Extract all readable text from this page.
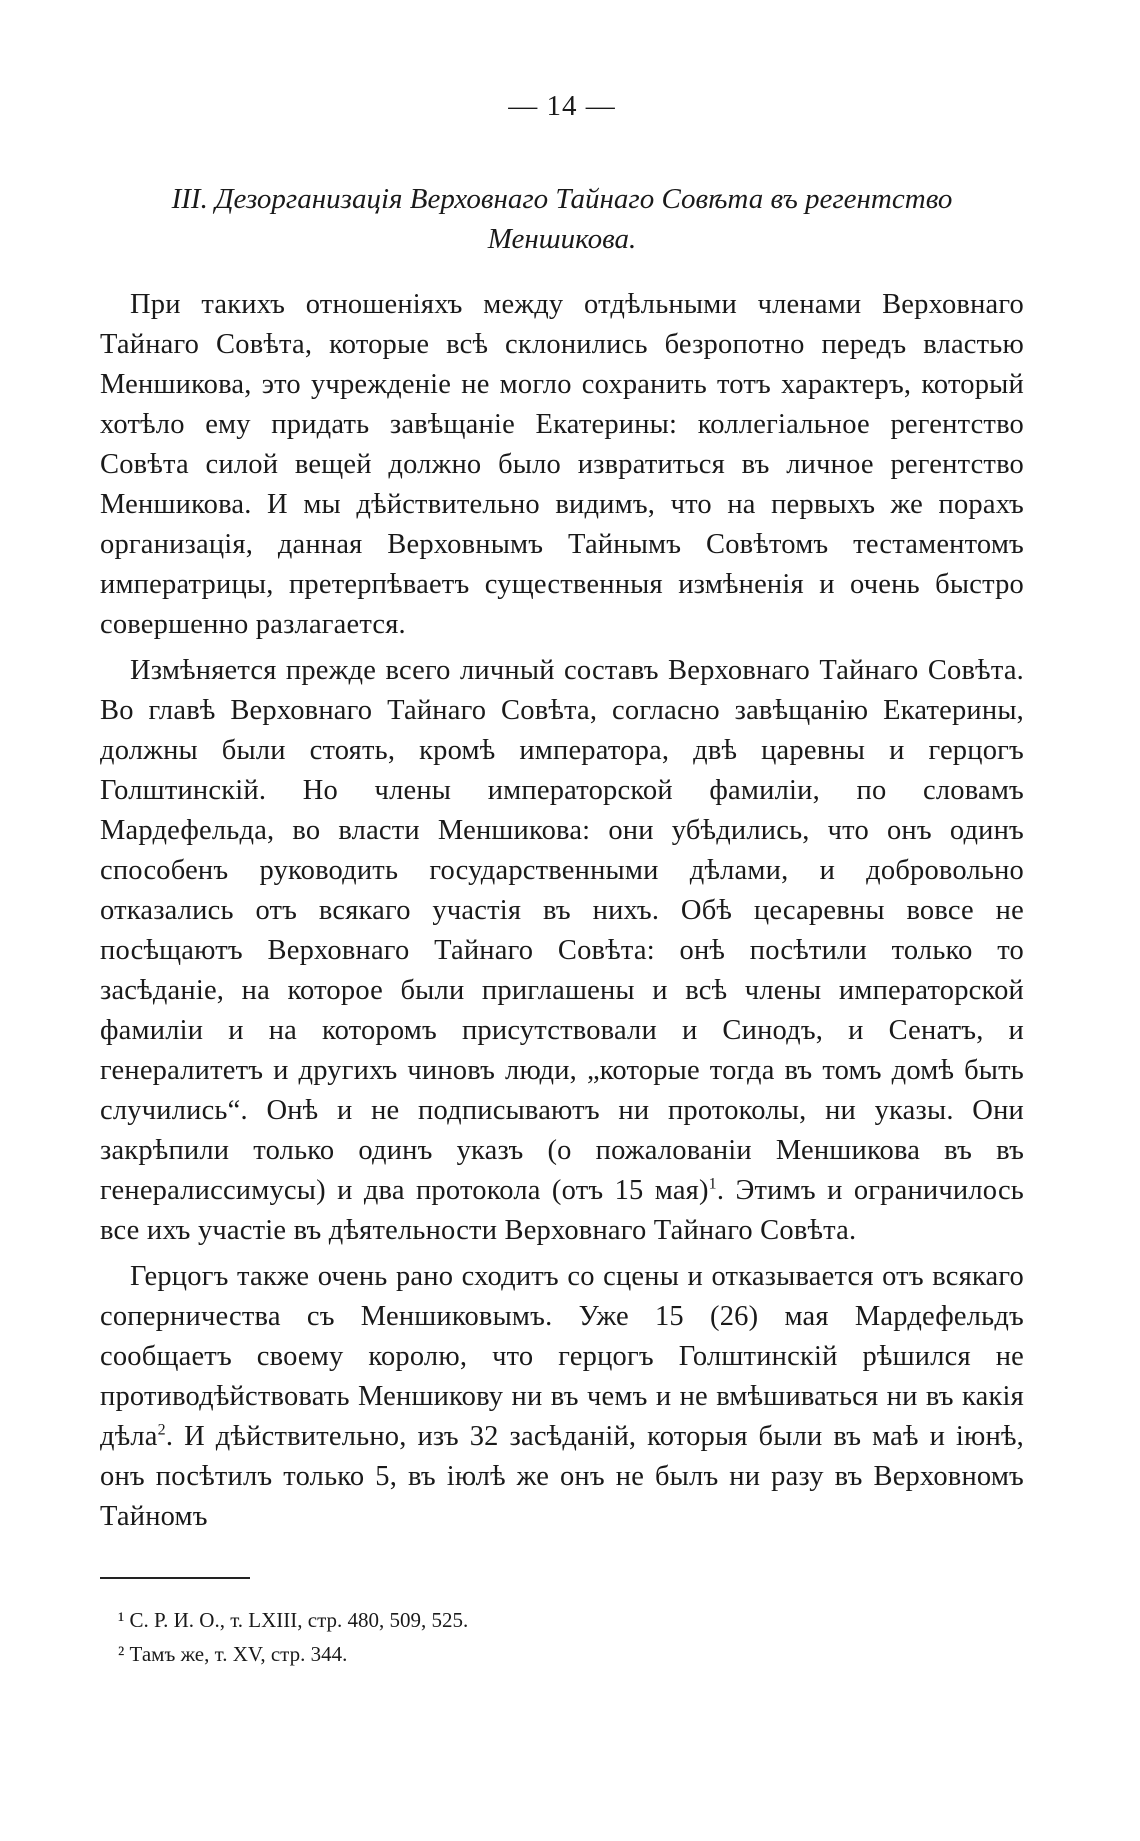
— 14 —
III. Дезорганизація Верховнаго Тайнаго Совѣта въ регентство
Меншикова.

При такихъ отношеніяхъ между отдѣльными членами Верховнаго Тайнаго Совѣта, которые всѣ склонились безропотно передъ властью Меншикова, это учрежденіе не могло сохранить тотъ характеръ, который хотѣло ему придать завѣщаніе Екатерины: коллегіальное регентство Совѣта силой вещей должно было извратиться въ личное регентство Меншикова. И мы дѣйствительно видимъ, что на первыхъ же порахъ организація, данная Верховнымъ Тайнымъ Совѣтомъ тестаментомъ императрицы, претерпѣваетъ существенныя измѣненія и очень быстро совершенно разлагается.

Измѣняется прежде всего личный составъ Верховнаго Тайнаго Совѣта. Во главѣ Верховнаго Тайнаго Совѣта, согласно завѣщанію Екатерины, должны были стоять, кромѣ императора, двѣ царевны и герцогъ Голштинскій. Но члены императорской фамиліи, по словамъ Мардефельда, во власти Меншикова: они убѣдились, что онъ одинъ способенъ руководить государственными дѣлами, и добровольно отказались отъ всякаго участія въ нихъ. Обѣ цесаревны вовсе не посѣщаютъ Верховнаго Тайнаго Совѣта: онѣ посѣтили только то засѣданіе, на которое были приглашены и всѣ члены императорской фамиліи и на которомъ присутствовали и Синодъ, и Сенатъ, и генералитетъ и другихъ чиновъ люди, „которые тогда въ томъ домѣ быть случились“. Онѣ и не подписываютъ ни протоколы, ни указы. Они закрѣпили только одинъ указъ (о пожалованіи Меншикова въ въ генералиссимусы) и два протокола (отъ 15 мая)$^1$. Этимъ и ограничилось все ихъ участіе въ дѣятельности Верховнаго Тайнаго Совѣта.

Герцогъ также очень рано сходитъ со сцены и отказывается отъ всякаго соперничества съ Меншиковымъ. Уже 15 (26) мая Мардефельдъ сообщаетъ своему королю, что герцогъ Голштинскій рѣшился не противодѣйствовать Меншикову ни въ чемъ и не вмѣшиваться ни въ какія дѣла$^2$. И дѣйствительно, изъ 32 засѣданій, которыя были въ маѣ и іюнѣ, онъ посѣтилъ только 5, въ іюлѣ же онъ не былъ ни разу въ Верховномъ Тайномъ

¹ С. Р. И. О., т. LXIII, стр. 480, 509, 525.

² Тамъ же, т. XV, стр. 344.
